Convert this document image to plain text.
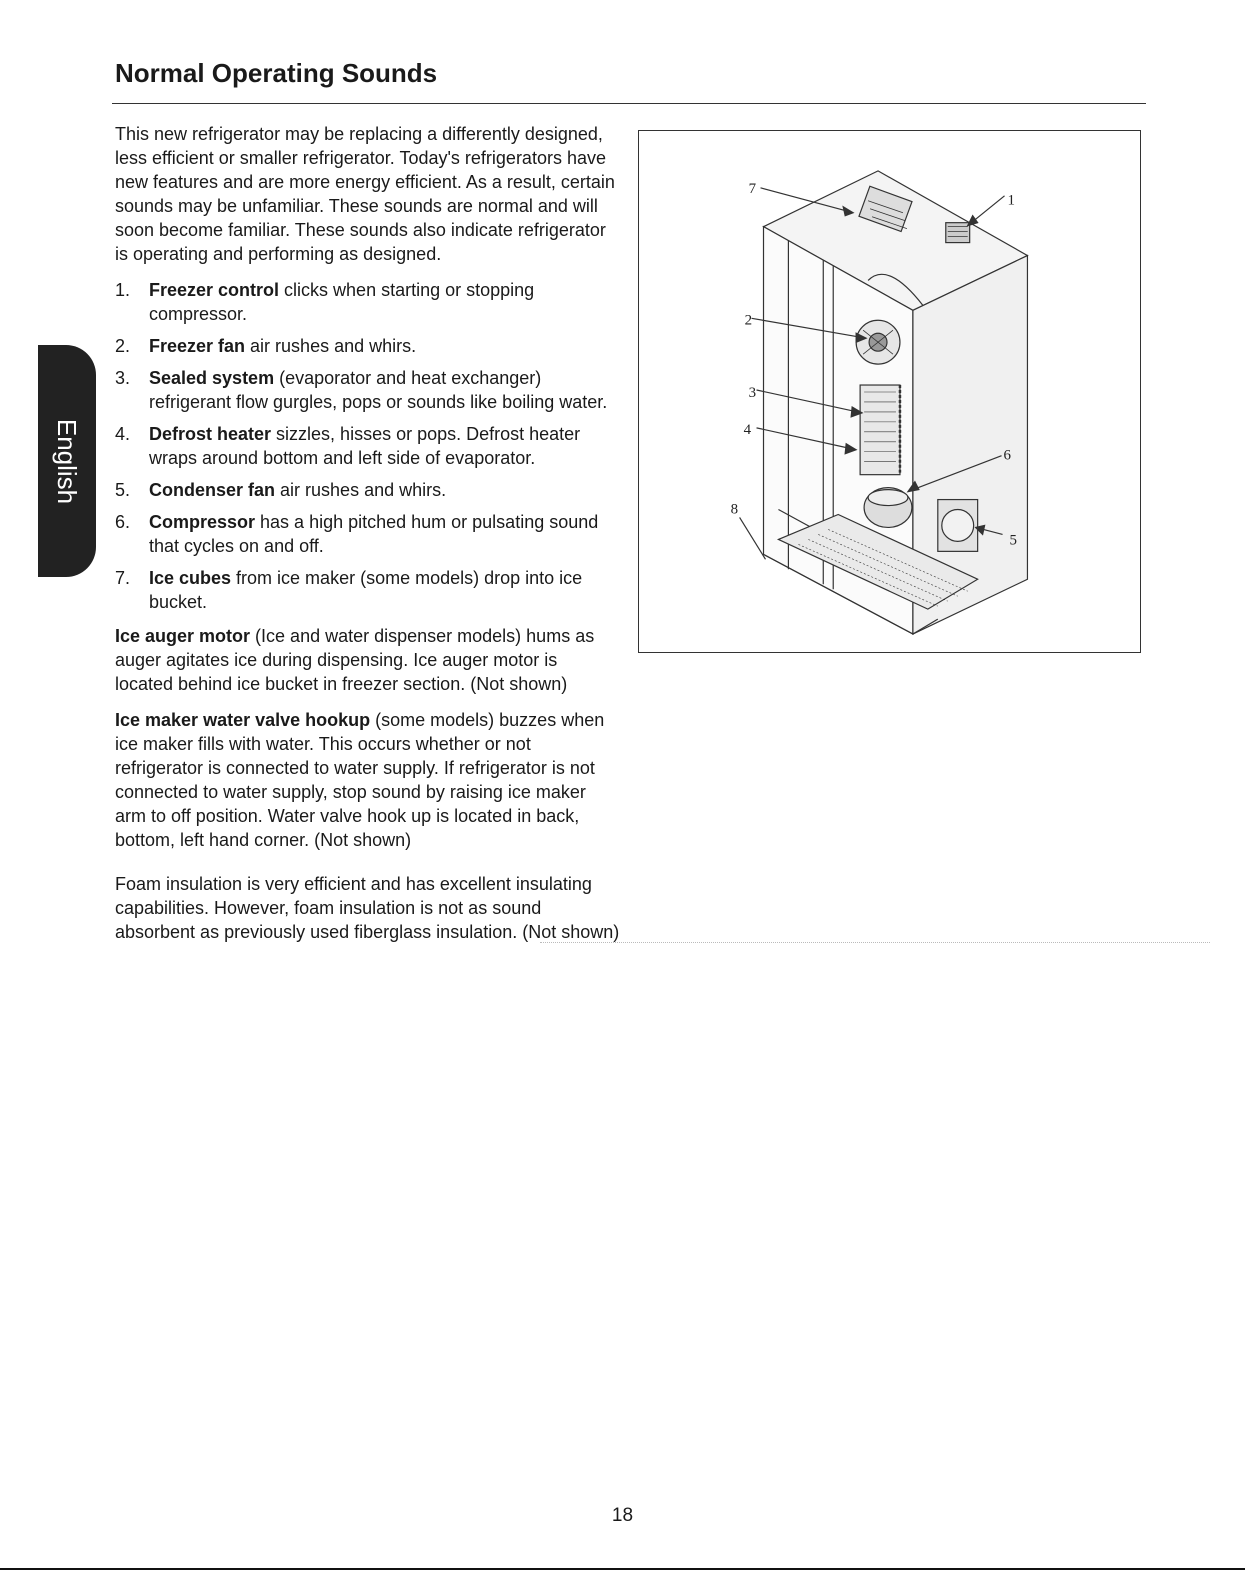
Normal Operating Sounds
English

This new refrigerator may be replacing a differently designed, less efficient or smaller refrigerator. Today's refrigerators have new features and are more energy efficient. As a result, certain sounds may be unfamiliar. These sounds are normal and will soon become familiar. These sounds also indicate refrigerator is operating and performing as designed.

1.	Freezer control clicks when starting or stopping compressor.
2.	Freezer fan air rushes and whirs.
3.	Sealed system (evaporator and heat exchanger) refrigerant flow gurgles, pops or sounds like boiling water.
4.	Defrost heater sizzles, hisses or pops. Defrost heater wraps around bottom and left side of evaporator.
5.	Condenser fan air rushes and whirs.
6.	Compressor has a high pitched hum or pulsating sound that cycles on and off.
7.	Ice cubes from ice maker (some models) drop into ice bucket.

Ice auger motor (Ice and water dispenser models) hums as auger agitates ice during dispensing. Ice auger motor is located behind ice bucket in freezer section. (Not shown)

Ice maker water valve hookup (some models) buzzes when ice maker fills with water. This occurs whether or not refrigerator is connected to water supply. If refrigerator is not connected to water supply, stop sound by raising ice maker arm to off position. Water valve hook up is located in back, bottom, left hand corner. (Not shown)

Foam insulation is very efficient and has excellent insulating capabilities. However, foam insulation is not as sound absorbent as previously used fiberglass insulation. (Not shown)

1
2
3
4
5
6
7
8
18
